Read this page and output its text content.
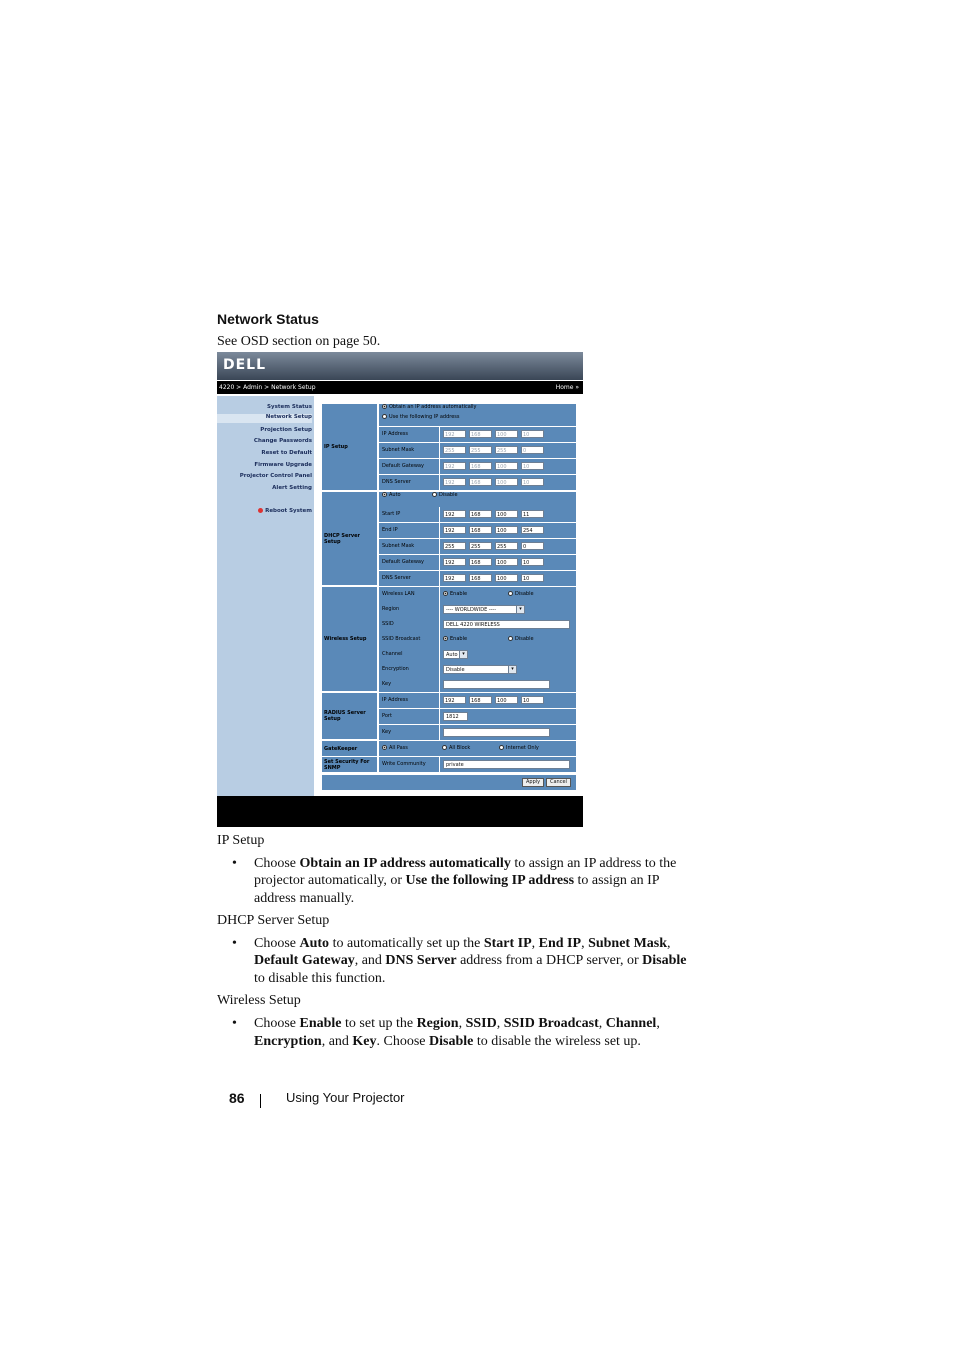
Network Status
See OSD section on page 50.
DELL
4220 > Admin > Network Setup	Home »
System Status
Network Setup
Projection Setup
Change Passwords
Reset to Default
Firmware Upgrade
Projector Control Panel
Alert Setting
Reboot System
IP Setup
Obtain an IP address automatically
Use the following IP address
IP Address	192	168	100	10
Subnet Mask	255	255	255	0
Default Gateway	192	168	100	10
DNS Server	192	168	100	10
DHCP Server Setup
Auto	Disable
Start IP	192	168	100	11
End IP	192	168	100	254
Subnet Mask	255	255	255	0
Default Gateway	192	168	100	10
DNS Server	192	168	100	10
Wireless Setup
Wireless LAN	Enable	Disable
Region	---- WORLDWIDE ----	▾
SSID	DELL 4220 WIRELESS
SSID Broadcast	Enable	Disable
Channel	Auto ▾
Encryption	Disable	▾
Key
RADIUS Server Setup
IP Address	192	168	100	10
Port	1812
Key
GateKeeper	All Pass	All Block	Internet Only
Set Security For SNMP
Write Community	private
Apply	Cancel
IP Setup
• Choose Obtain an IP address automatically to assign an IP address to the
projector automatically, or Use the following IP address to assign an IP
address manually.
DHCP Server Setup
• Choose Auto to automatically set up the Start IP, End IP, Subnet Mask,
Default Gateway, and DNS Server address from a DHCP server, or Disable
to disable this function.
Wireless Setup
• Choose Enable to set up the Region, SSID, SSID Broadcast, Channel,
Encryption, and Key. Choose Disable to disable the wireless set up.
86	Using Your Projector
